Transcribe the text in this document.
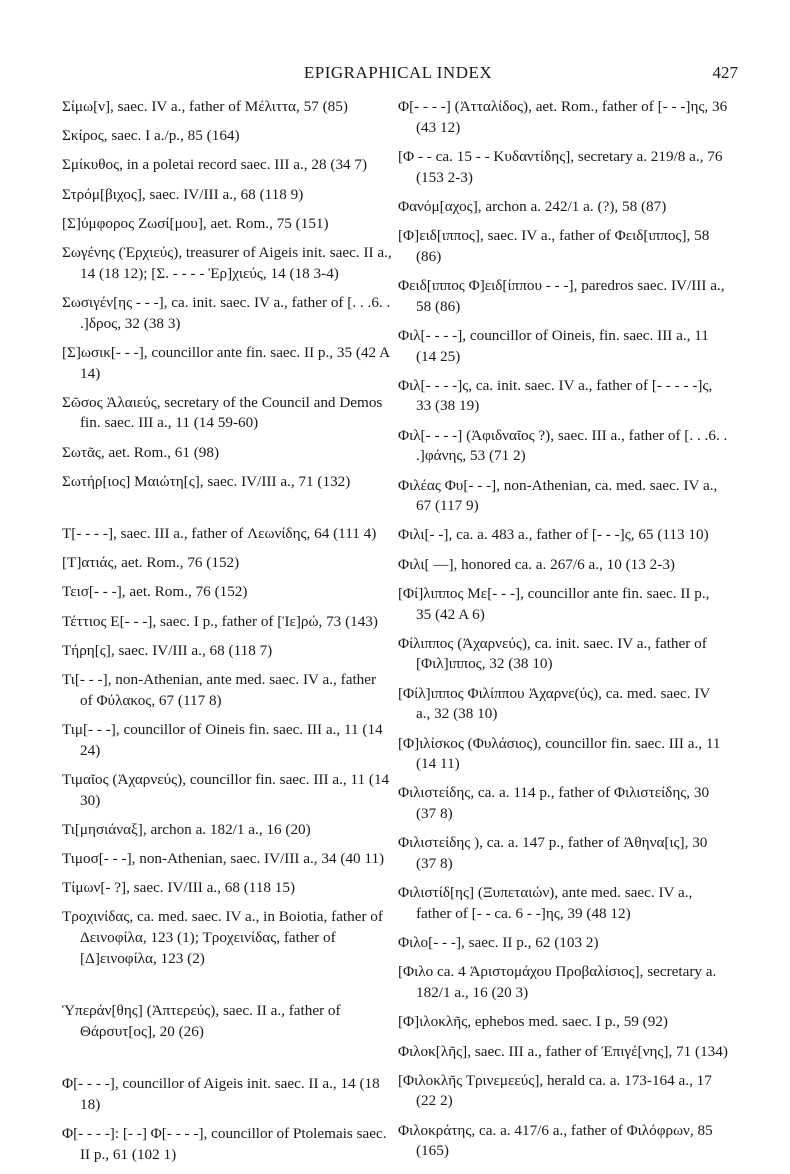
EPIGRAPHICAL INDEX	427

Σίμω[ν], saec. IV a., father of Μέλιττα, 57 (85)

Σκίρος, saec. I a./p., 85 (164)

Σμίκυθος, in a poletai record saec. III a., 28 (34 7)

Στρόμ[βιχος], saec. IV/III a., 68 (118 9)

[Σ]ύμφορος Ζωσί[μου], aet. Rom., 75 (151)

Σωγένης (Ἐρχιεύς), treasurer of Aigeis init. saec. II a., 14 (18 12); [Σ. - - - - Ἐρ]χιεύς, 14 (18 3-4)

Σωσιγέν[ης - - -], ca. init. saec. IV a., father of [. . .6. . .]δρος, 32 (38 3)

[Σ]ωσικ[- - -], councillor ante fin. saec. II p., 35 (42 A 14)

Σῶσος Ἁλαιεύς, secretary of the Council and Demos fin. saec. III a., 11 (14 59-60)

Σωτᾶς, aet. Rom., 61 (98)

Σωτήρ[ιος] Μαιώτη[ς], saec. IV/III a., 71 (132)

Τ[- - - -], saec. III a., father of Λεωνίδης, 64 (111 4)

[Τ]ατιάς, aet. Rom., 76 (152)

Τεισ[- - -], aet. Rom., 76 (152)

Τέττιος Ε[- - -], saec. I p., father of [Ἱε]ρώ, 73 (143)

Τήρη[ς], saec. IV/III a., 68 (118 7)

Τι[- - -], non-Athenian, ante med. saec. IV a., father of Φύλακος, 67 (117 8)

Τιμ[- - -], councillor of Oineis fin. saec. III a., 11 (14 24)

Τιμαῖος (Ἀχαρνεύς), councillor fin. saec. III a., 11 (14 30)

Τι[μησιάναξ], archon a. 182/1 a., 16 (20)

Τιμοσ[- - -], non-Athenian, saec. IV/III a., 34 (40 11)

Τίμων[- ?], saec. IV/III a., 68 (118 15)

Τροχινίδας, ca. med. saec. IV a., in Boiotia, father of Δεινοφίλα, 123 (1); Τροχεινίδας, father of [Δ]εινοφίλα, 123 (2)

Ὑπεράν[θης] (Ἀπτερεύς), saec. II a., father of Θάρσυτ[ος], 20 (26)

Φ[- - - -], councillor of Aigeis init. saec. II a., 14 (18 18)

Φ[- - - -]: [- -] Φ[- - - -], councillor of Ptolemais saec. II p., 61 (102 1)

Φ[- - - -] (Ἀτταλίδος), aet. Rom., father of [- - -]ης, 36 (43 12)

[Φ - - ca. 15 - - Κυδαντίδης], secretary a. 219/8 a., 76 (153 2-3)

Φανόμ[αχος], archon a. 242/1 a. (?), 58 (87)

[Φ]ειδ[ιππος], saec. IV a., father of Φειδ[ιππος], 58 (86)

Φειδ[ιππος Φ]ειδ[ίππου - - -], paredros saec. IV/III a., 58 (86)

Φιλ[- - - -], councillor of Oineis, fin. saec. III a., 11 (14 25)

Φιλ[- - - -]ς, ca. init. saec. IV a., father of [- - - - -]ς, 33 (38 19)

Φιλ[- - - -] (Ἀφιδναῖος ?), saec. III a., father of [. . .6. . .]φάνης, 53 (71 2)

Φιλέας Φυ[- - -], non-Athenian, ca. med. saec. IV a., 67 (117 9)

Φιλι[- -], ca. a. 483 a., father of [- - -]ς, 65 (113 10)

Φιλι[ —], honored ca. a. 267/6 a., 10 (13 2-3)

[Φί]λιππος Με[- - -], councillor ante fin. saec. II p., 35 (42 A 6)

Φίλιππος (Ἀχαρνεύς), ca. init. saec. IV a., father of [Φιλ]ιππος, 32 (38 10)

[Φίλ]ιππος Φιλίππου Ἀχαρνε(ύς), ca. med. saec. IV a., 32 (38 10)

[Φ]ιλίσκος (Φυλάσιος), councillor fin. saec. III a., 11 (14 11)

Φιλιστείδης, ca. a. 114 p., father of Φιλιστείδης, 30 (37 8)

Φιλιστείδης ), ca. a. 147 p., father of Ἀθηνα[ις], 30 (37 8)

Φιλιστίδ[ης] (Ξυπεταιών), ante med. saec. IV a., father of [- - ca. 6 - -]ης, 39 (48 12)

Φιλο[- - -], saec. II p., 62 (103 2)

[Φιλο ca. 4 Ἀριστομάχου Προβαλίσιος], secretary a. 182/1 a., 16 (20 3)

[Φ]ιλοκλῆς, ephebos med. saec. I p., 59 (92)

Φιλοκ[λῆς], saec. III a., father of Ἐπιγέ[νης], 71 (134)

[Φιλοκλῆς Τρινεμεεύς], herald ca. a. 173-164 a., 17 (22 2)

Φιλοκράτης, ca. a. 417/6 a., father of Φιλόφρων, 85 (165)
